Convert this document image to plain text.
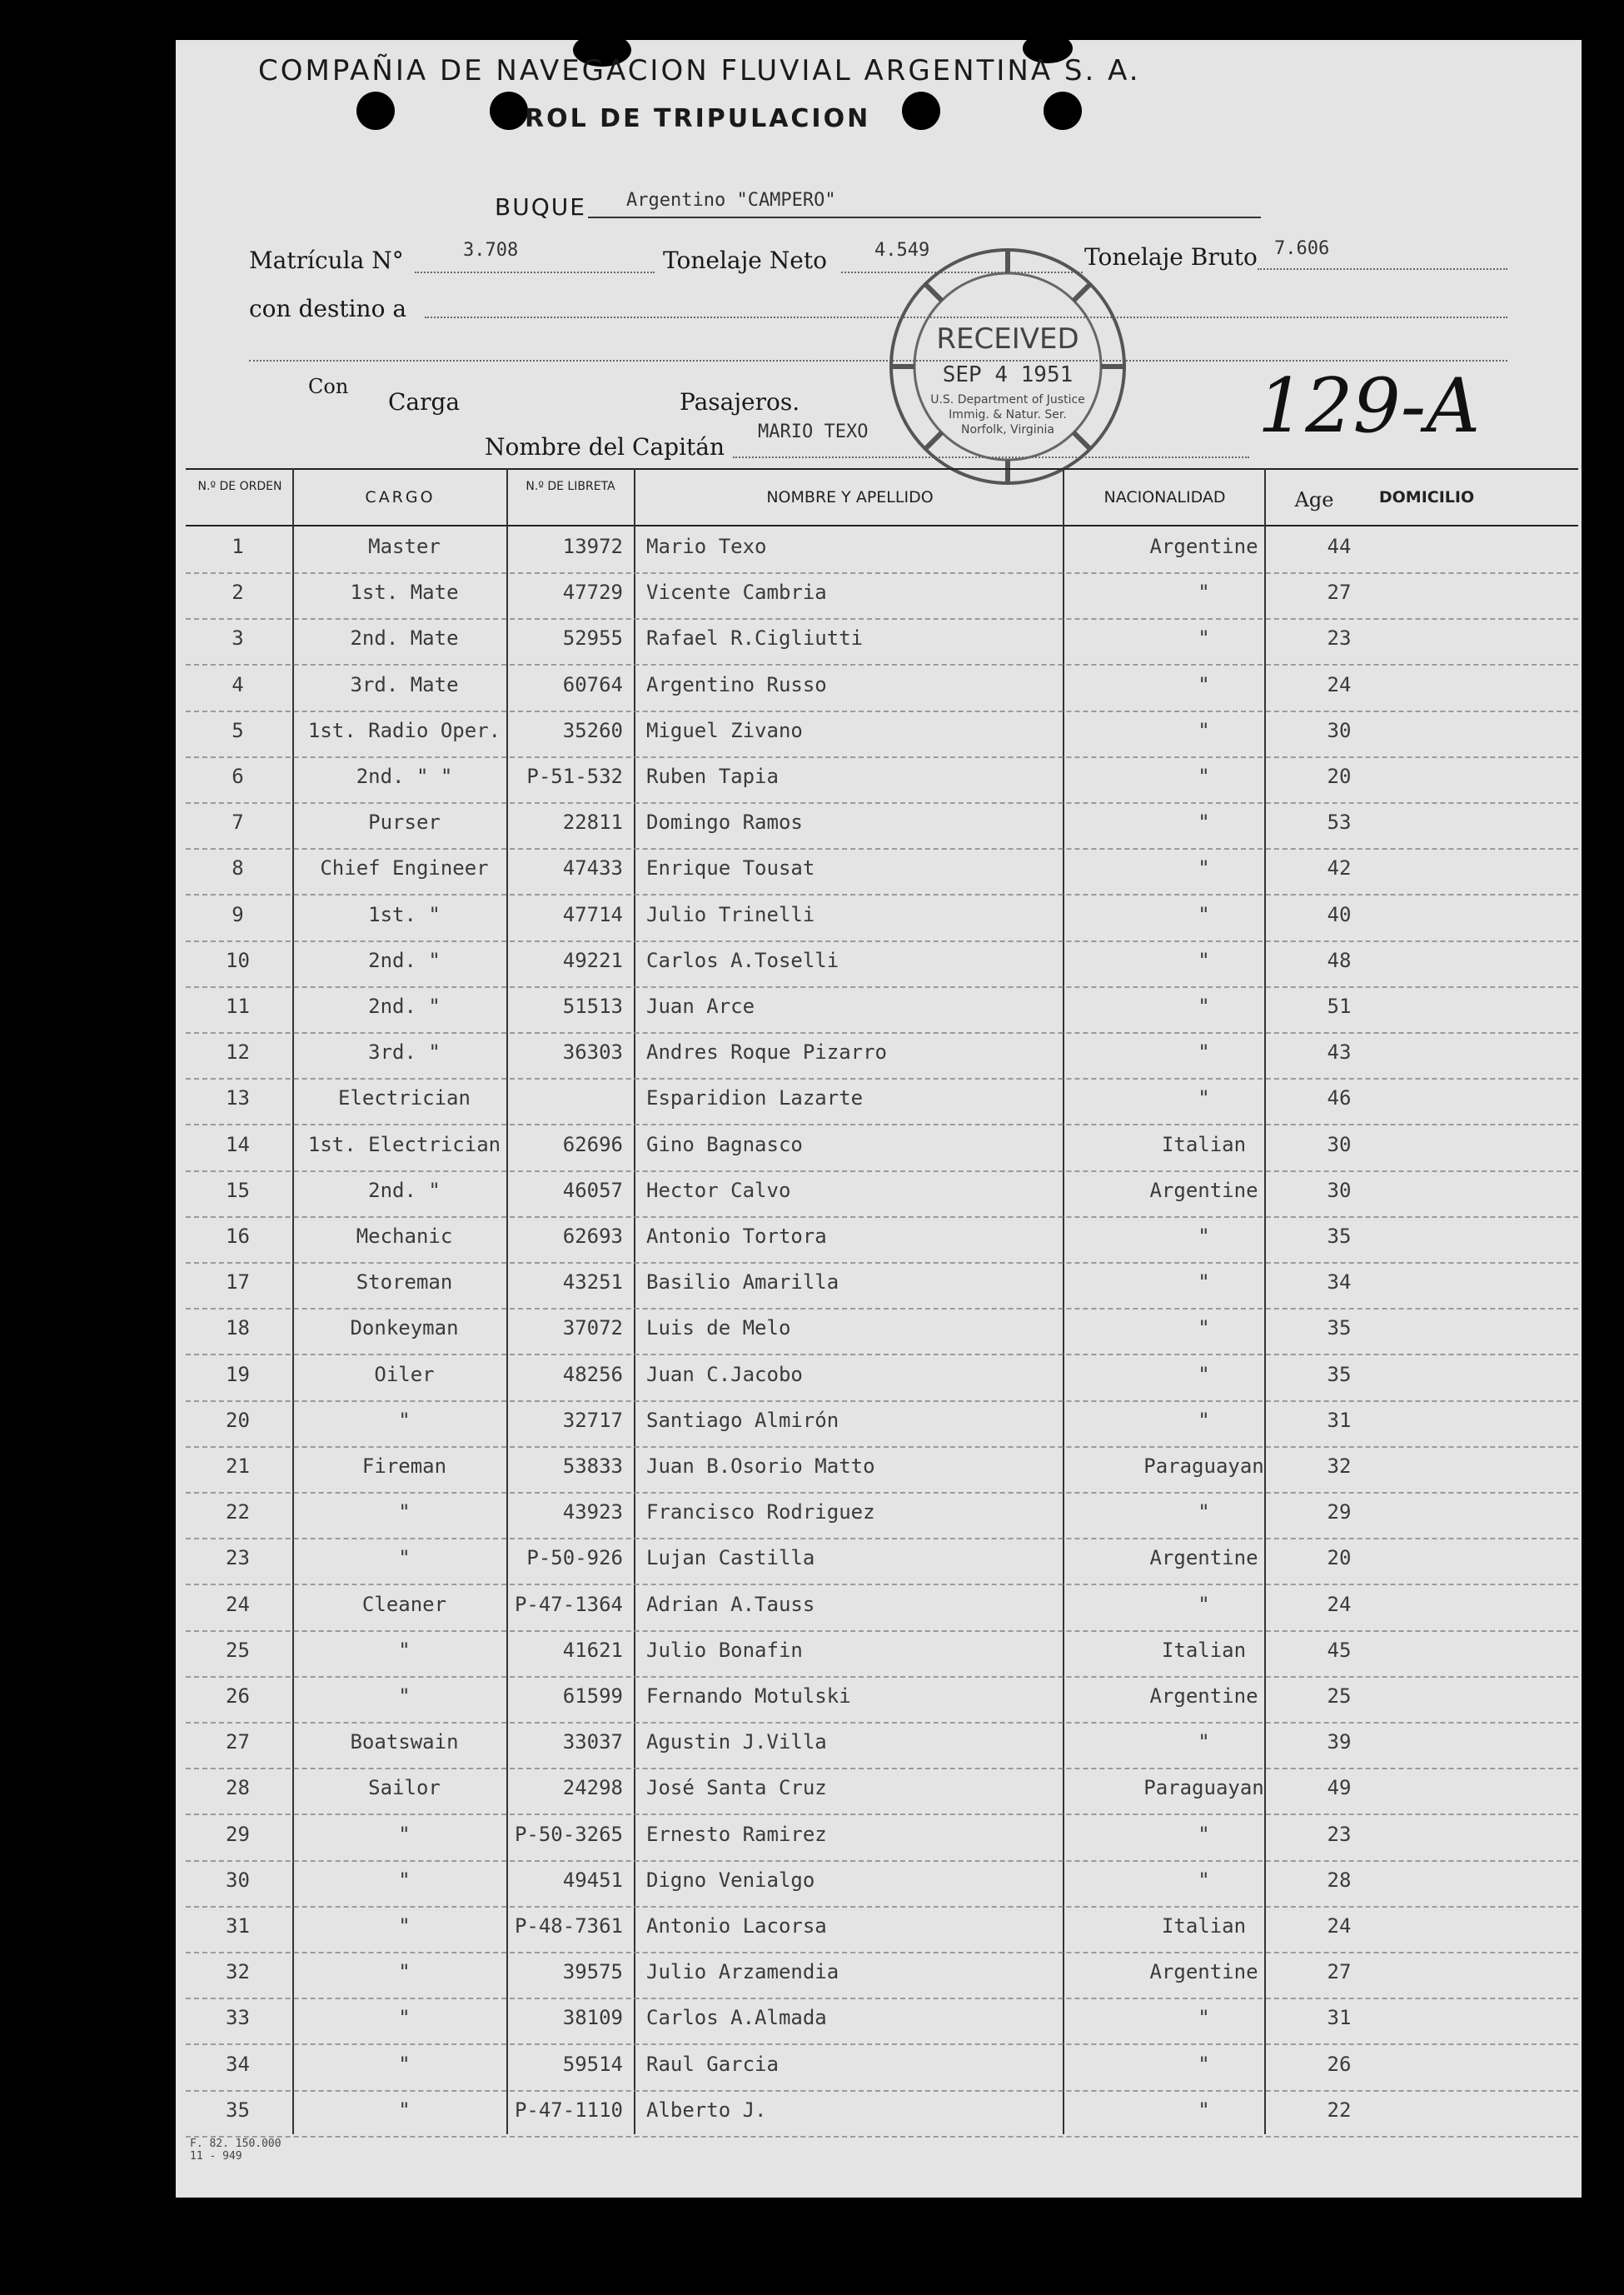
COMPAÑIA DE NAVEGACION FLUVIAL ARGENTINA S. A.
ROL DE TRIPULACION
BUQUE Argentino "CAMPERO"
Matrícula N°	3.708	Tonelaje Neto	4.549	Tonelaje Bruto 7.606
con destino a
Con
Carga	Pasajeros.
Nombre del Capitán
MARIO TEXO	129-A
RECEIVED
SEP 4 1951
U.S. Department of Justice
Immig. & Natur. Ser.
Norfolk, Virginia
N.º DE ORDEN
CARGO
N.º DE LIBRETA
NOMBRE Y APELLIDO	NACIONALIDAD	Age	DOMICILIO
1	Master	13972 Mario Texo	Argentine	44
2	1st. Mate	47729 Vicente Cambria	"	27
3	2nd. Mate	52955 Rafael R.Cigliutti	"	23
4	3rd. Mate	60764 Argentino Russo	"	24
5	1st. Radio Oper.	35260 Miguel Zivano	"	30
6	2nd. " "	P-51-532 Ruben Tapia	"	20
7	Purser	22811 Domingo Ramos	"	53
8	Chief Engineer	47433 Enrique Tousat	"	42
9	1st. "	47714 Julio Trinelli	"	40
10	2nd. "	49221 Carlos A.Toselli	"	48
11	2nd. "	51513 Juan Arce	"	51
12	3rd. "	36303 Andres Roque Pizarro	"	43
13	Electrician	Esparidion Lazarte	"	46
14	1st. Electrician	62696 Gino Bagnasco	Italian	30
15	2nd. "	46057 Hector Calvo	Argentine	30
16	Mechanic	62693 Antonio Tortora	"	35
17	Storeman	43251 Basilio Amarilla	"	34
18	Donkeyman	37072 Luis de Melo	"	35
19	Oiler	48256 Juan C.Jacobo	"	35
20	"	32717 Santiago Almirón	"	31
21	Fireman	53833 Juan B.Osorio Matto	Paraguayan	32
22	"	43923 Francisco Rodriguez	"	29
23	"	P-50-926 Lujan Castilla	Argentine	20
24	Cleaner	P-47-1364 Adrian A.Tauss	"	24
25	"	41621 Julio Bonafin	Italian	45
26	"	61599 Fernando Motulski	Argentine	25
27	Boatswain	33037 Agustin J.Villa	"	39
28	Sailor	24298 José Santa Cruz	Paraguayan	49
29	"	P-50-3265 Ernesto Ramirez	"	23
30	"	49451 Digno Venialgo	"	28
31	"	P-48-7361 Antonio Lacorsa	Italian	24
32	"	39575 Julio Arzamendia	Argentine	27
33	"	38109 Carlos A.Almada	"	31
34	"	59514 Raul Garcia	"	26
35	"	P-47-1110 Alberto J.	"	22
F. 82. 150.000
11 - 949
